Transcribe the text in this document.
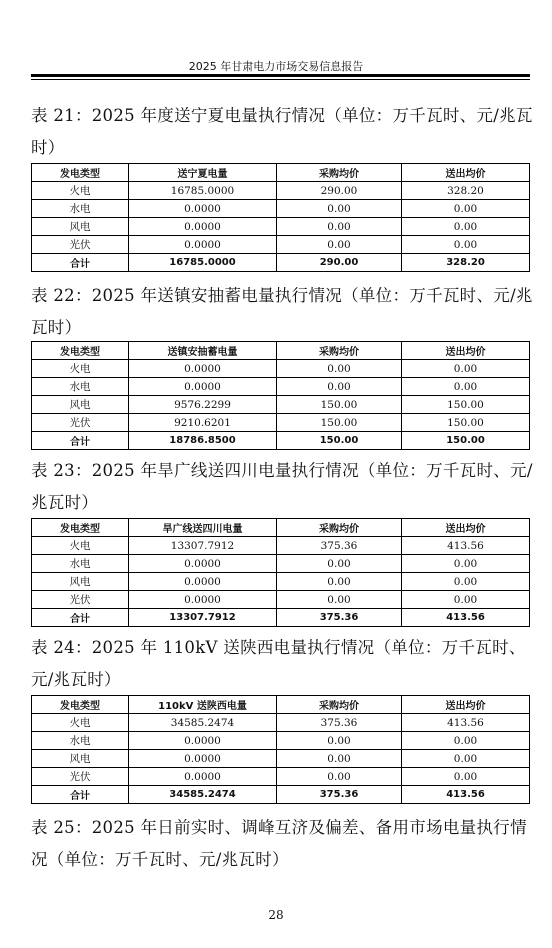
2025 年甘肃电力市场交易信息报告
表 21：2025 年度送宁夏电量执行情况（单位：万千瓦时、元/兆瓦时）
发电类型	送宁夏电量	采购均价	送出均价
火电	16785.0000	290.00	328.20
水电	0.0000	0.00	0.00
风电	0.0000	0.00	0.00
光伏	0.0000	0.00	0.00
合计	16785.0000	290.00	328.20
表 22：2025 年送镇安抽蓄电量执行情况（单位：万千瓦时、元/兆瓦时）
发电类型	送镇安抽蓄电量	采购均价	送出均价
火电	0.0000	0.00	0.00
水电	0.0000	0.00	0.00
风电	9576.2299	150.00	150.00
光伏	9210.6201	150.00	150.00
合计	18786.8500	150.00	150.00
表 23：2025 年旱广线送四川电量执行情况（单位：万千瓦时、元/兆瓦时）
发电类型	旱广线送四川电量	采购均价	送出均价
火电	13307.7912	375.36	413.56
水电	0.0000	0.00	0.00
风电	0.0000	0.00	0.00
光伏	0.0000	0.00	0.00
合计	13307.7912	375.36	413.56
表 24：2025 年 110kV 送陕西电量执行情况（单位：万千瓦时、元/兆瓦时）
发电类型	110kV 送陕西电量	采购均价	送出均价
火电	34585.2474	375.36	413.56
水电	0.0000	0.00	0.00
风电	0.0000	0.00	0.00
光伏	0.0000	0.00	0.00
合计	34585.2474	375.36	413.56
表 25：2025 年日前实时、调峰互济及偏差、备用市场电量执行情况（单位：万千瓦时、元/兆瓦时）
28
